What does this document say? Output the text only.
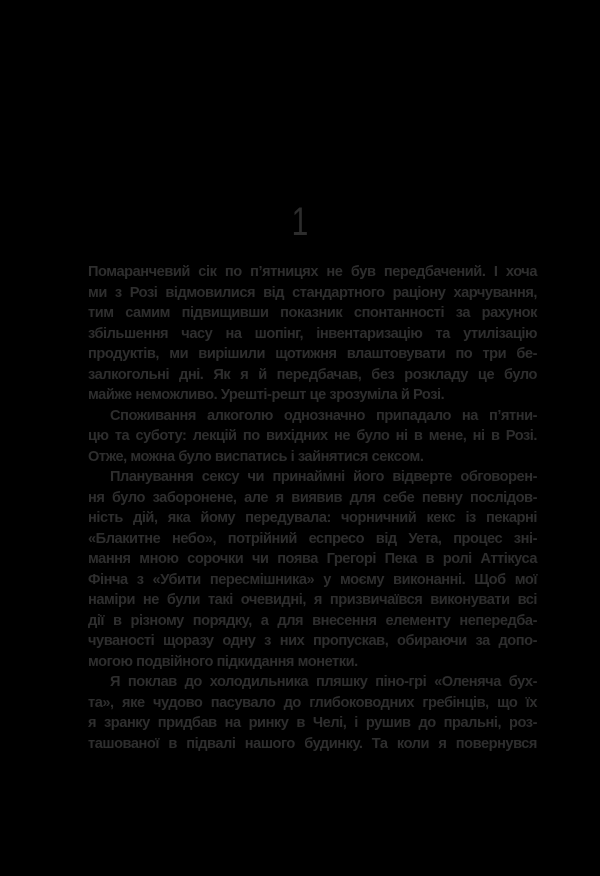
1
Помаранчевий сік по п’ятницях не був передбачений. І хоча
ми з Розі відмовилися від стандартного раціону харчування,
тим самим підвищивши показник спонтанності за рахунок
збільшення часу на шопінг, інвентаризацію та утилізацію
продуктів, ми вирішили щотижня влаштовувати по три бе-
залкогольні дні. Як я й передбачав, без розкладу це було
майже неможливо. Урешті-решт це зрозуміла й Розі.
Споживання алкоголю однозначно припадало на п’ятни-
цю та суботу: лекцій по вихідних не було ні в мене, ні в Розі.
Отже, можна було виспатись і зайнятися сексом.
Планування сексу чи принаймні його відверте обговорен-
ня було заборонене, але я виявив для себе певну послідов-
ність дій, яка йому передувала: чорничний кекс із пекарні
«Блакитне небо», потрійний еспресо від Уета, процес зні-
мання мною сорочки чи поява Грегорі Пека в ролі Аттікуса
Фінча з «Убити пересмішника» у моєму виконанні. Щоб мої
наміри не були такі очевидні, я призвичаївся виконувати всі
дії в різному порядку, а для внесення елементу непередба-
чуваності щоразу одну з них пропускав, обираючи за допо-
могою подвійного підкидання монетки.
Я поклав до холодильника пляшку піно-грі «Оленяча бух-
та», яке чудово пасувало до глибоководних гребінців, що їх
я зранку придбав на ринку в Челі, і рушив до пральні, роз-
ташованої в підвалі нашого будинку. Та коли я повернувся
